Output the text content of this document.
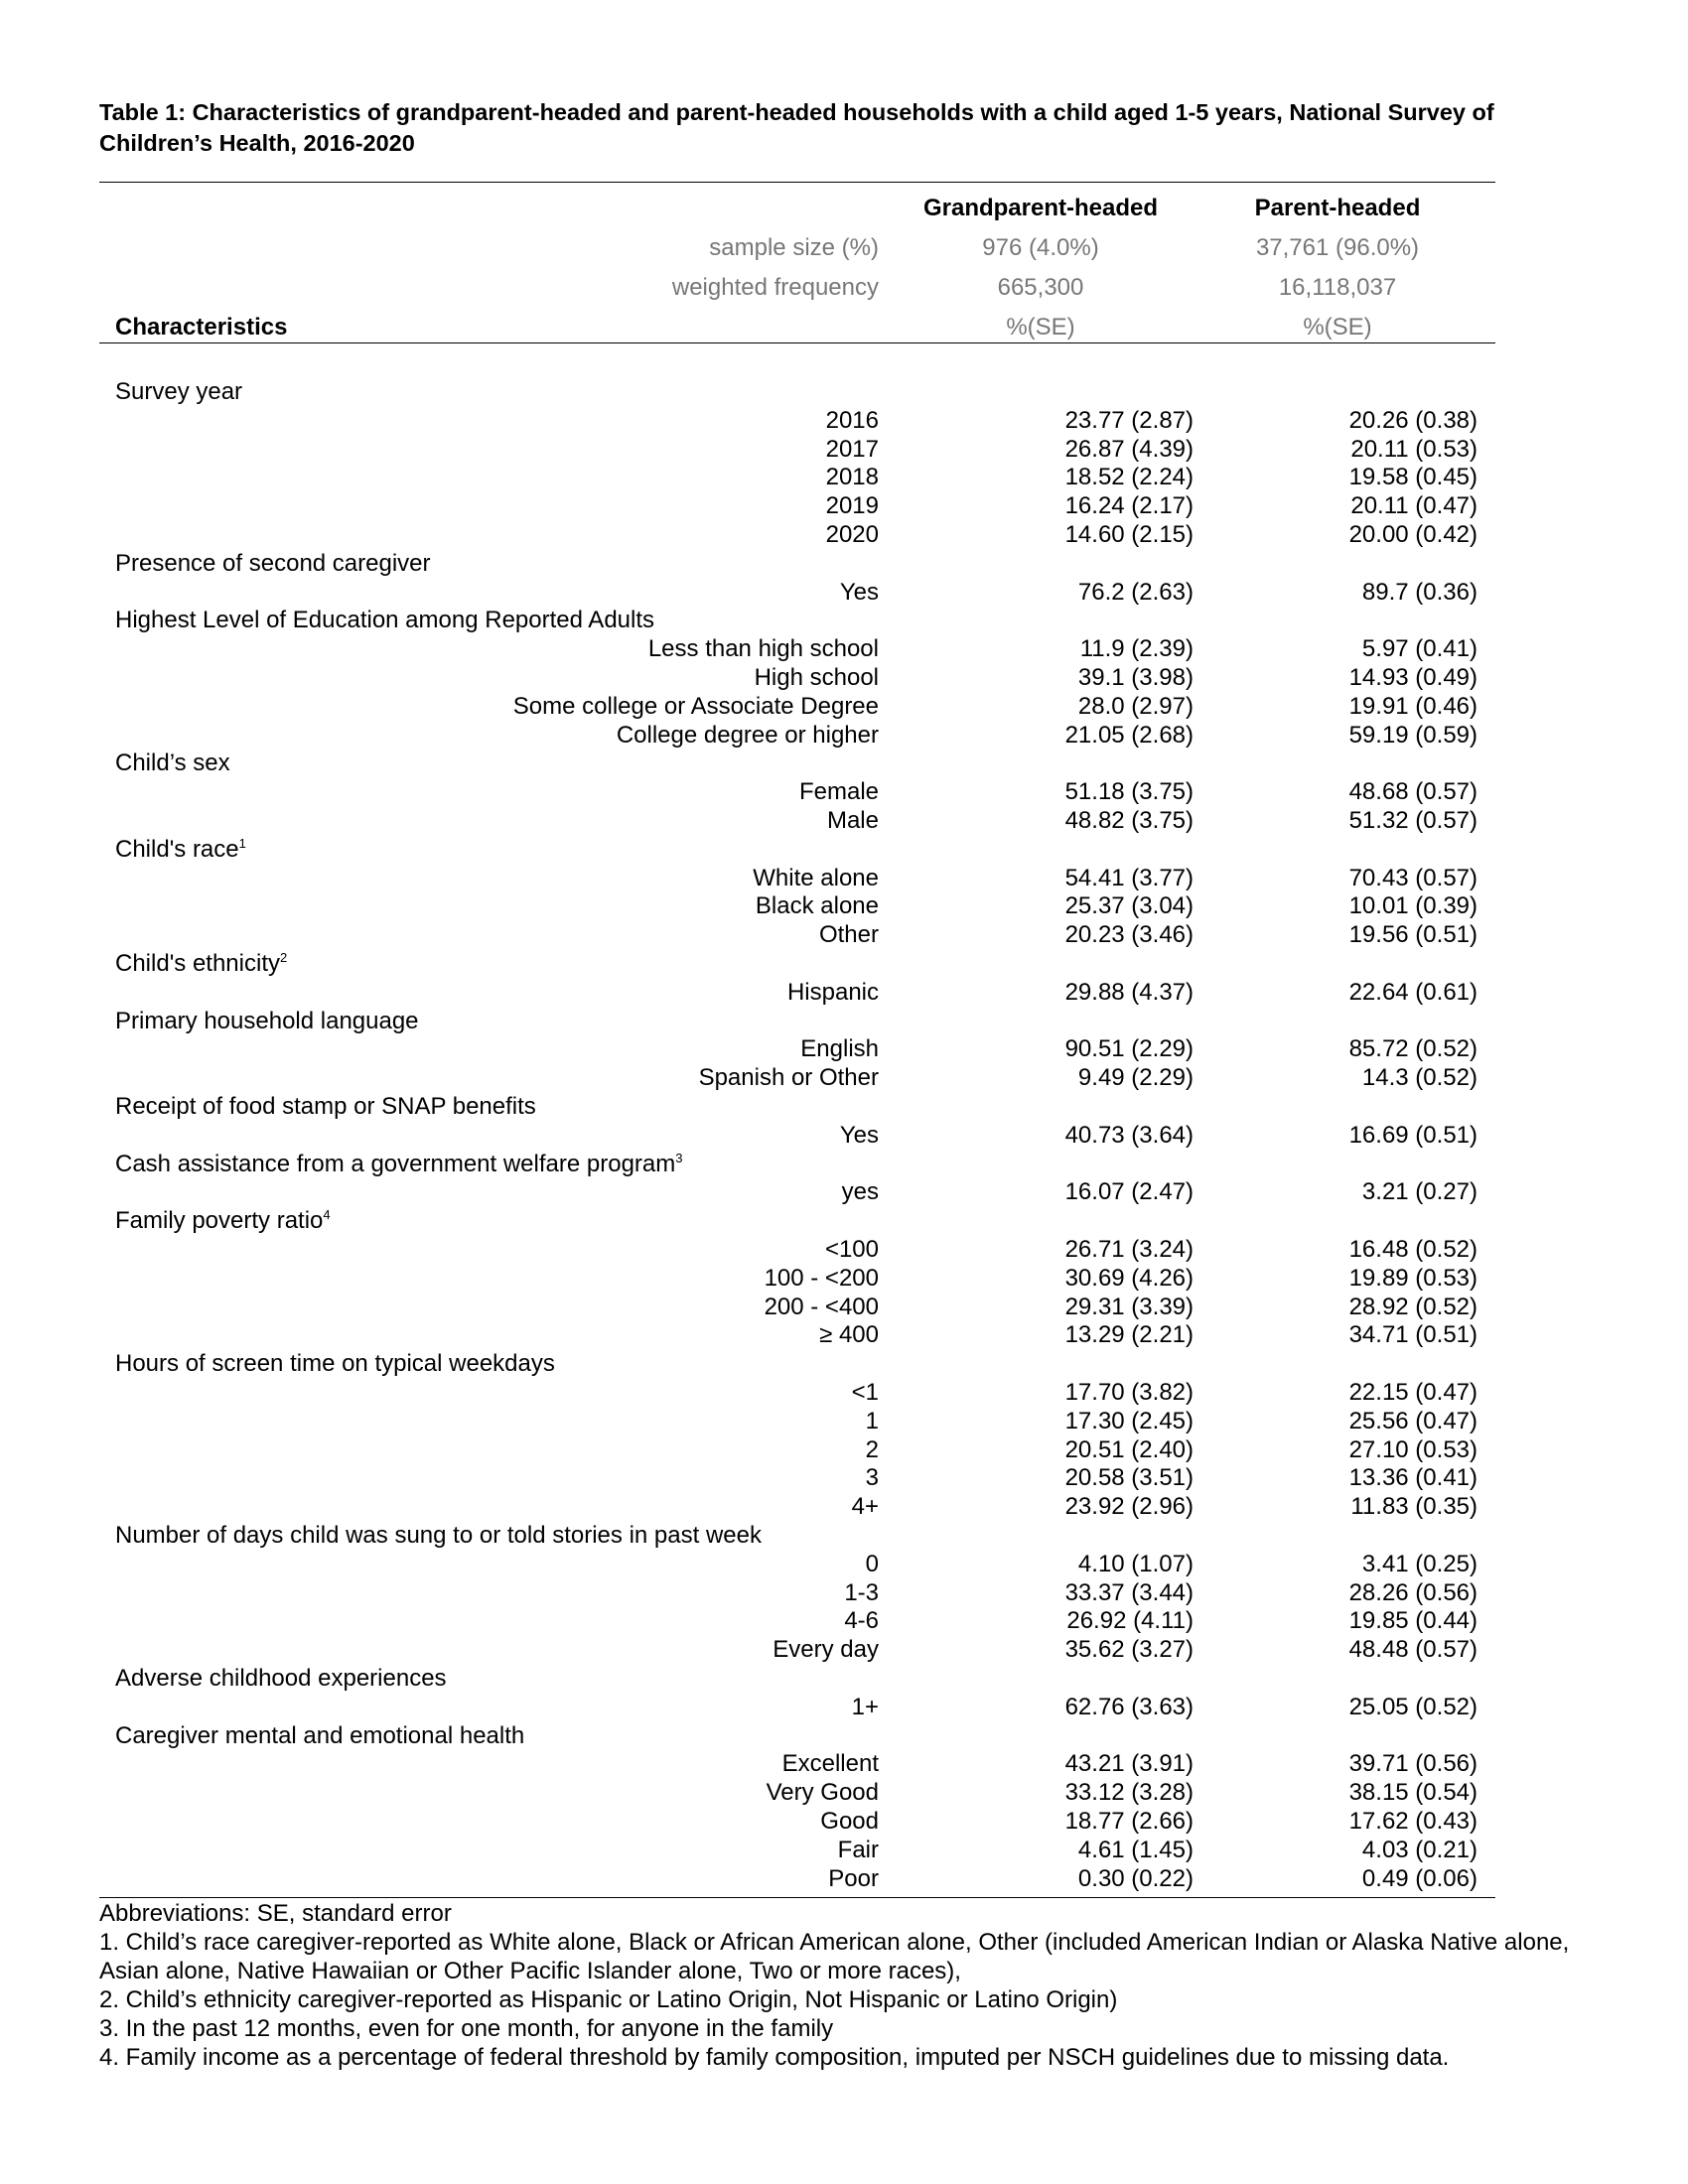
Table 1: Characteristics of grandparent-headed and parent-headed households with a child aged 1-5 years, National Survey of Children’s Health, 2016-2020
Grandparent-headed	Parent-headed
sample size (%)	976 (4.0%)	37,761 (96.0%)
weighted frequency	665,300	16,118,037
Characteristics	%(SE)	%(SE)
Survey year
2016	23.77 (2.87)	20.26 (0.38)
2017	26.87 (4.39)	20.11 (0.53)
2018	18.52 (2.24)	19.58 (0.45)
2019	16.24 (2.17)	20.11 (0.47)
2020	14.60 (2.15)	20.00 (0.42)
Presence of second caregiver
Yes	76.2 (2.63)	89.7 (0.36)
Highest Level of Education among Reported Adults
Less than high school	11.9 (2.39)	5.97 (0.41)
High school	39.1 (3.98)	14.93 (0.49)
Some college or Associate Degree	28.0 (2.97)	19.91 (0.46)
College degree or higher	21.05 (2.68)	59.19 (0.59)
Child’s sex
Female	51.18 (3.75)	48.68 (0.57)
Male	48.82 (3.75)	51.32 (0.57)
Child's race$^1$
White alone	54.41 (3.77)	70.43 (0.57)
Black alone	25.37 (3.04)	10.01 (0.39)
Other	20.23 (3.46)	19.56 (0.51)
Child's ethnicity$^2$
Hispanic	29.88 (4.37)	22.64 (0.61)
Primary household language
English	90.51 (2.29)	85.72 (0.52)
Spanish or Other	9.49 (2.29)	14.3 (0.52)
Receipt of food stamp or SNAP benefits
Yes	40.73 (3.64)	16.69 (0.51)
Cash assistance from a government welfare program$^3$
yes	16.07 (2.47)	3.21 (0.27)
Family poverty ratio$^4$
<100	26.71 (3.24)	16.48 (0.52)
100 - <200	30.69 (4.26)	19.89 (0.53)
200 - <400	29.31 (3.39)	28.92 (0.52)
≥ 400	13.29 (2.21)	34.71 (0.51)
Hours of screen time on typical weekdays
<1	17.70 (3.82)	22.15 (0.47)
1	17.30 (2.45)	25.56 (0.47)
2	20.51 (2.40)	27.10 (0.53)
3	20.58 (3.51)	13.36 (0.41)
4+	23.92 (2.96)	11.83 (0.35)
Number of days child was sung to or told stories in past week
0	4.10 (1.07)	3.41 (0.25)
1-3	33.37 (3.44)	28.26 (0.56)
4-6	26.92 (4.11)	19.85 (0.44)
Every day	35.62 (3.27)	48.48 (0.57)
Adverse childhood experiences
1+	62.76 (3.63)	25.05 (0.52)
Caregiver mental and emotional health
Excellent	43.21 (3.91)	39.71 (0.56)
Very Good	33.12 (3.28)	38.15 (0.54)
Good	18.77 (2.66)	17.62 (0.43)
Fair	4.61 (1.45)	4.03 (0.21)
Poor	0.30 (0.22)	0.49 (0.06)
Abbreviations: SE, standard error
1. Child’s race caregiver-reported as White alone, Black or African American alone, Other (included American Indian or Alaska Native alone, Asian alone, Native Hawaiian or Other Pacific Islander alone, Two or more races),
2. Child’s ethnicity caregiver-reported as Hispanic or Latino Origin, Not Hispanic or Latino Origin)
3. In the past 12 months, even for one month, for anyone in the family
4. Family income as a percentage of federal threshold by family composition, imputed per NSCH guidelines due to missing data.
